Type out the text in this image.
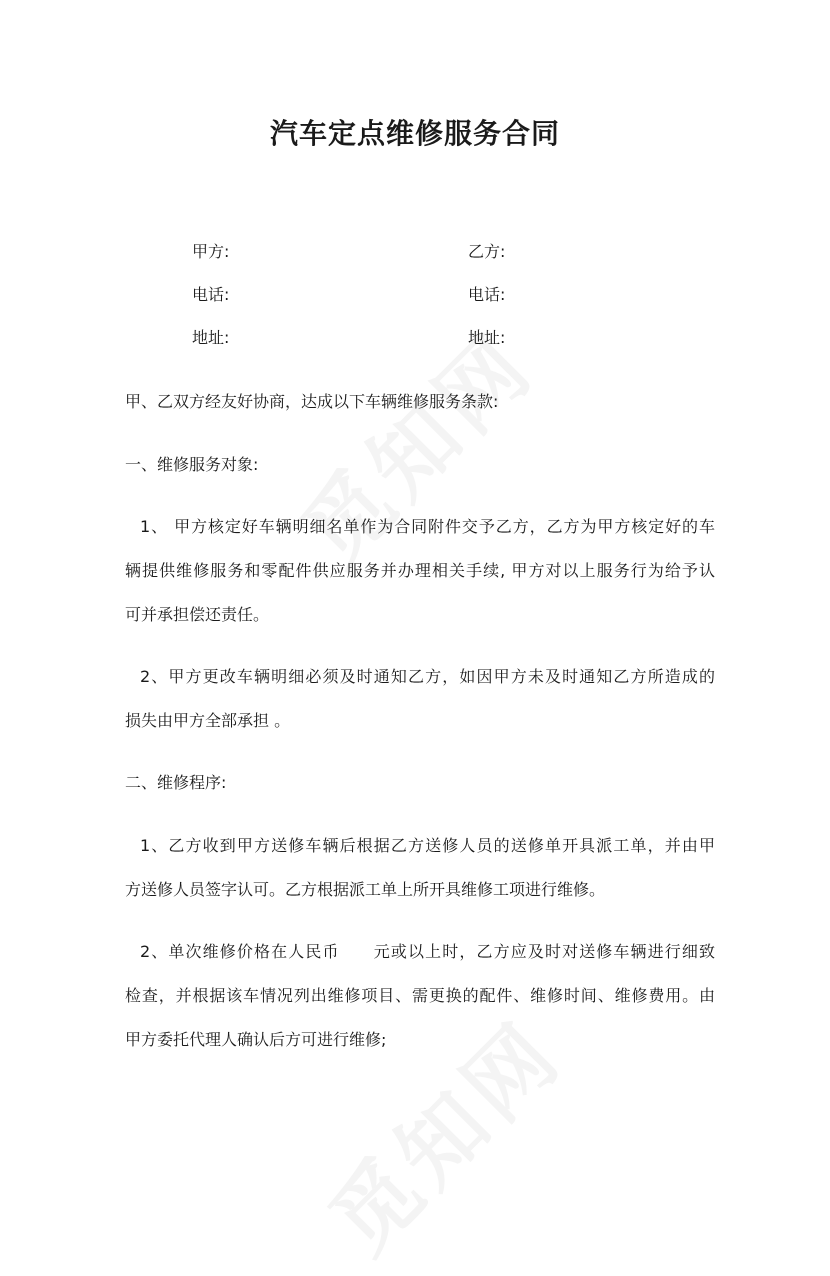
汽车定点维修服务合同
甲方:	乙方:
电话:	电话:
地址:	地址:
甲、乙双方经友好协商，达成以下车辆维修服务条款:
一、维修服务对象:
1、 甲方核定好车辆明细名单作为合同附件交予乙方，乙方为甲方核定好的车
辆提供维修服务和零配件供应服务并办理相关手续, 甲方对以上服务行为给予认
可并承担偿还责任。
2、甲方更改车辆明细必须及时通知乙方，如因甲方未及时通知乙方所造成的
损失由甲方全部承担 。
二、维修程序:
1、乙方收到甲方送修车辆后根据乙方送修人员的送修单开具派工单，并由甲
方送修人员签字认可。乙方根据派工单上所开具维修工项进行维修。
2、单次维修价格在人民币　　元或以上时，乙方应及时对送修车辆进行细致
检查，并根据该车情况列出维修项目、需更换的配件、维修时间、维修费用。由
甲方委托代理人确认后方可进行维修;
